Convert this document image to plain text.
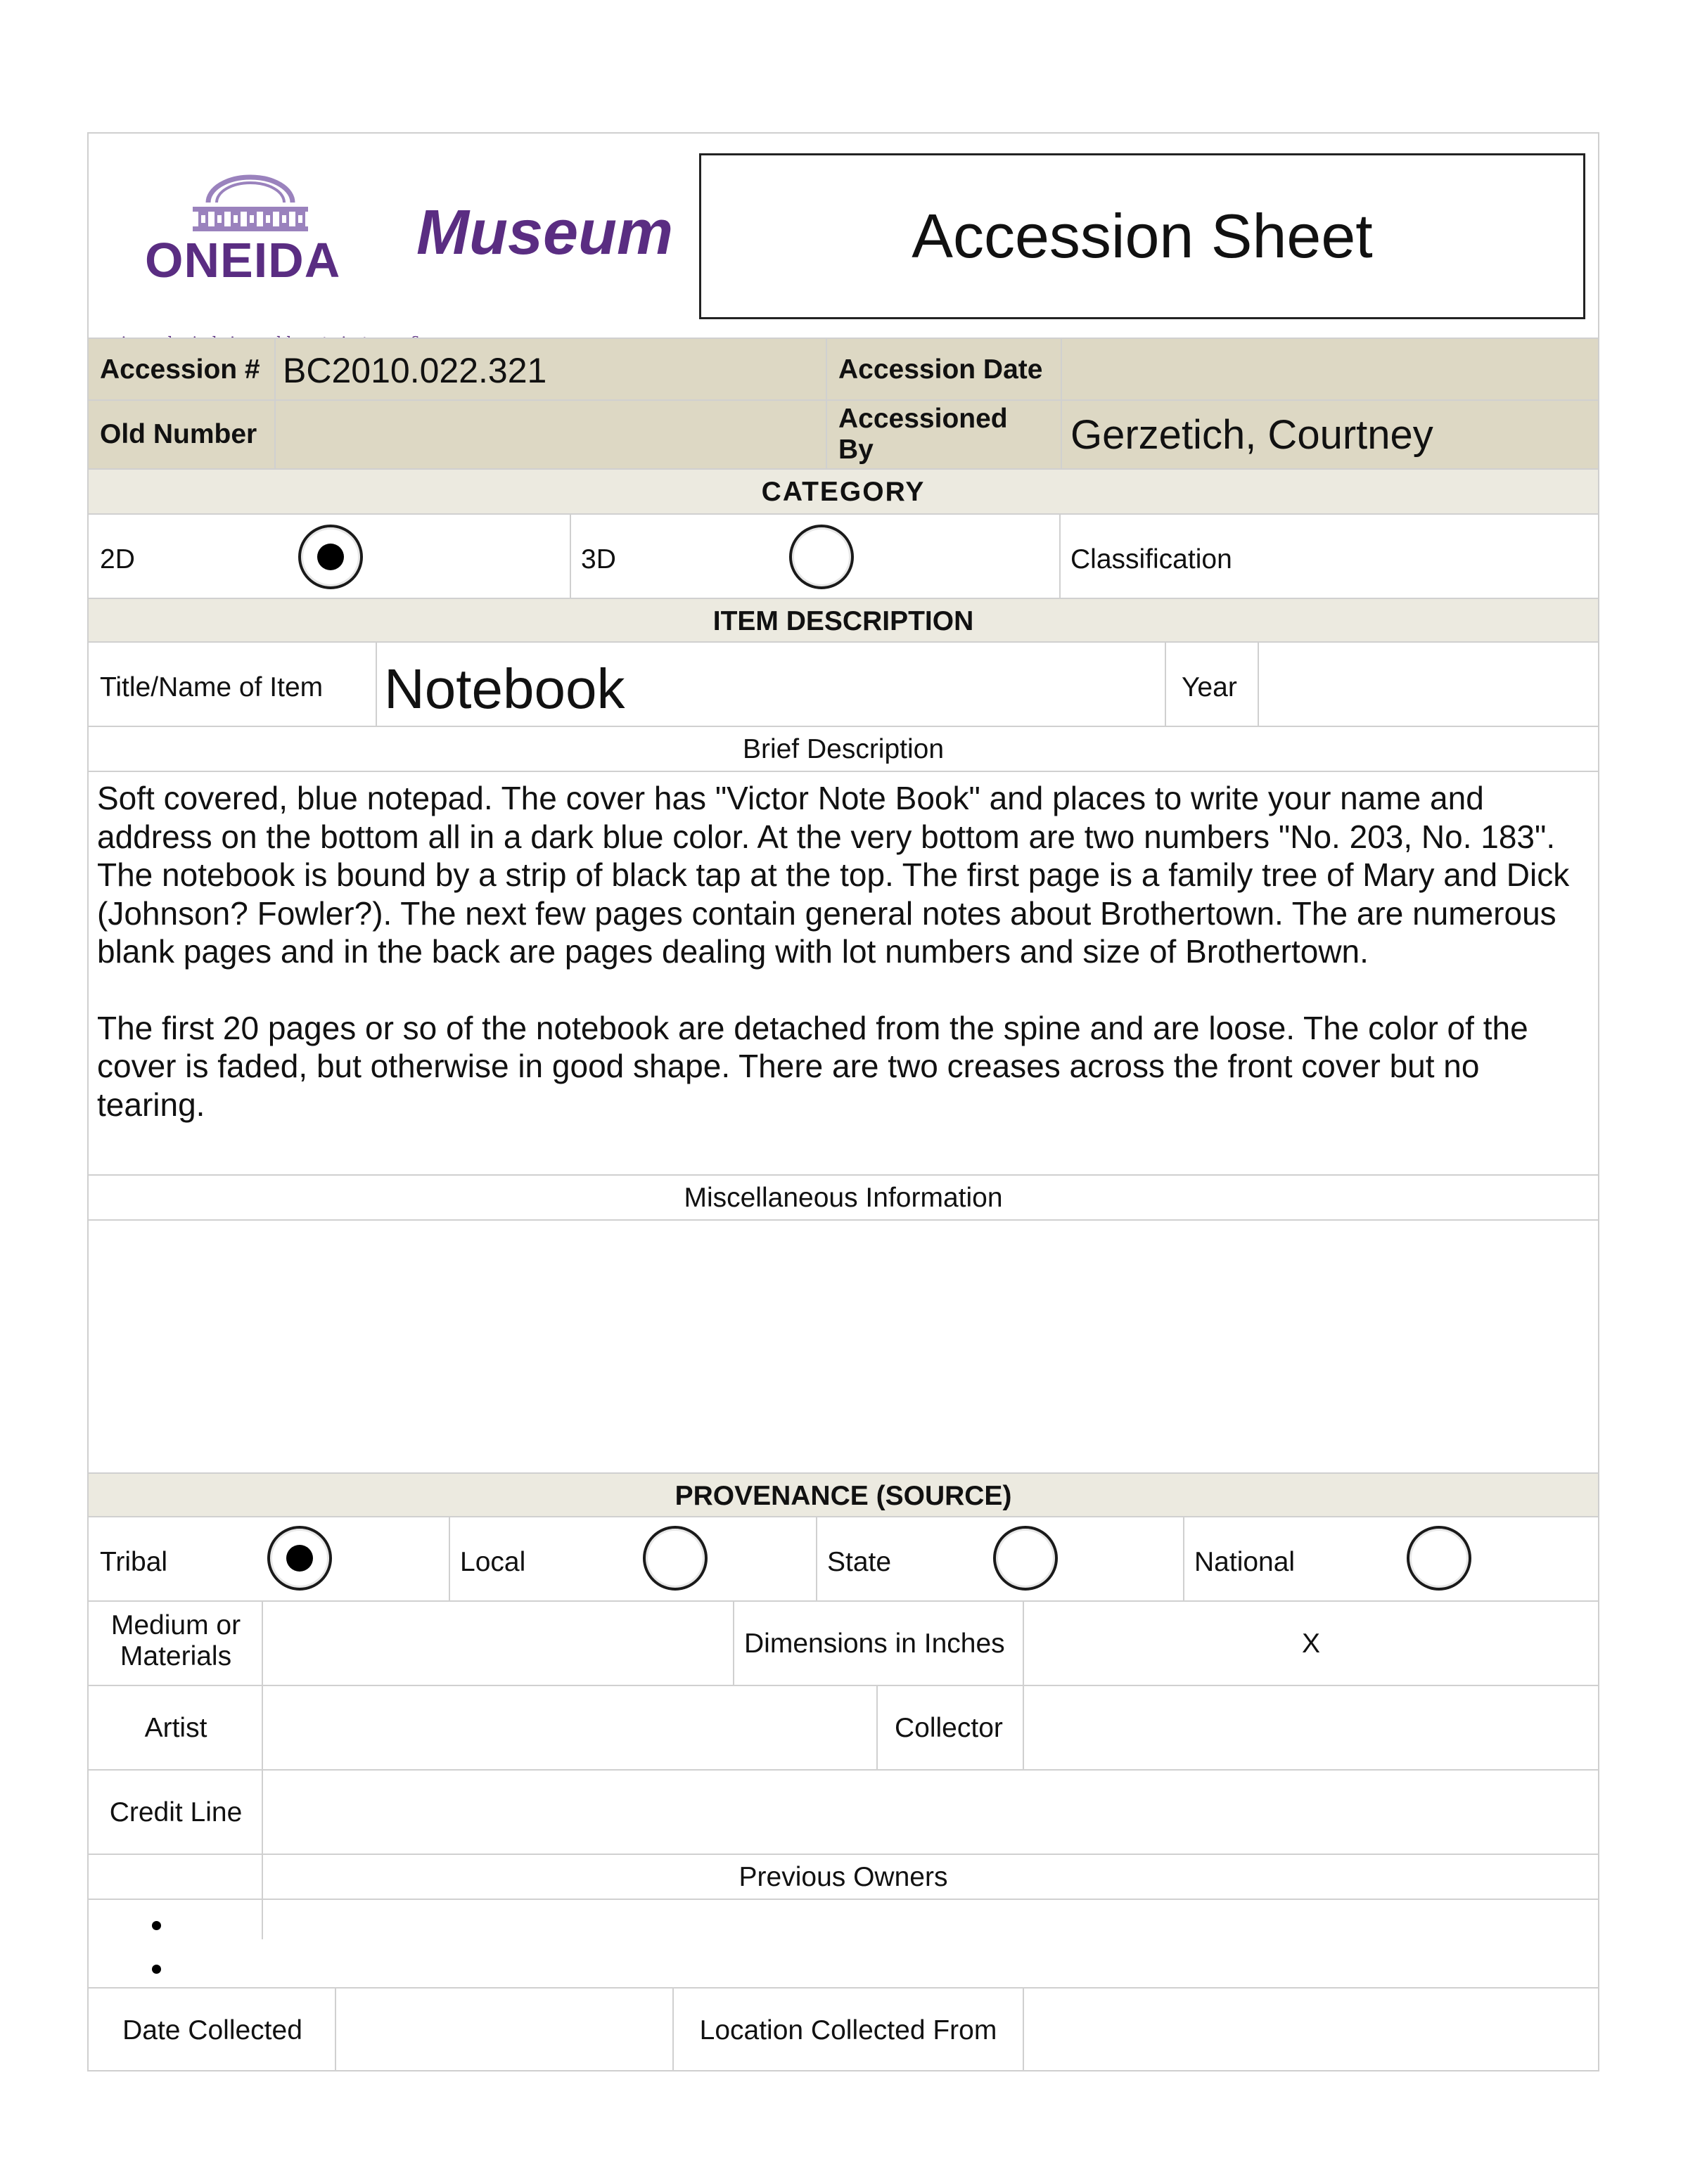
ONEIDA Museum	Accession Sheet
Accession # BC2010.022.321	Accession Date
Old Number
Accessioned By	Gerzetich, Courtney
CATEGORY
2D	3D	Classification
ITEM DESCRIPTION
Title/Name of Item Notebook	Year
Brief Description

Soft covered, blue notepad. The cover has "Victor Note Book" and places to write your name and address on the bottom all in a dark blue color. At the very bottom are two numbers "No. 203, No. 183". The notebook is bound by a strip of black tap at the top. The first page is a family tree of Mary and Dick (Johnson? Fowler?). The next few pages contain general notes about Brothertown. The are numerous blank pages and in the back are pages dealing with lot numbers and size of Brothertown.

The first 20 pages or so of the notebook are detached from the spine and are loose. The color of the cover is faded, but otherwise in good shape. There are two creases across the front cover but no tearing.

Miscellaneous Information
PROVENANCE (SOURCE)
Tribal	Local	State	National
Medium or Materials	Dimensions in Inches	X
Artist	Collector
Credit Line
Previous Owners
Date Collected	Location Collected From
